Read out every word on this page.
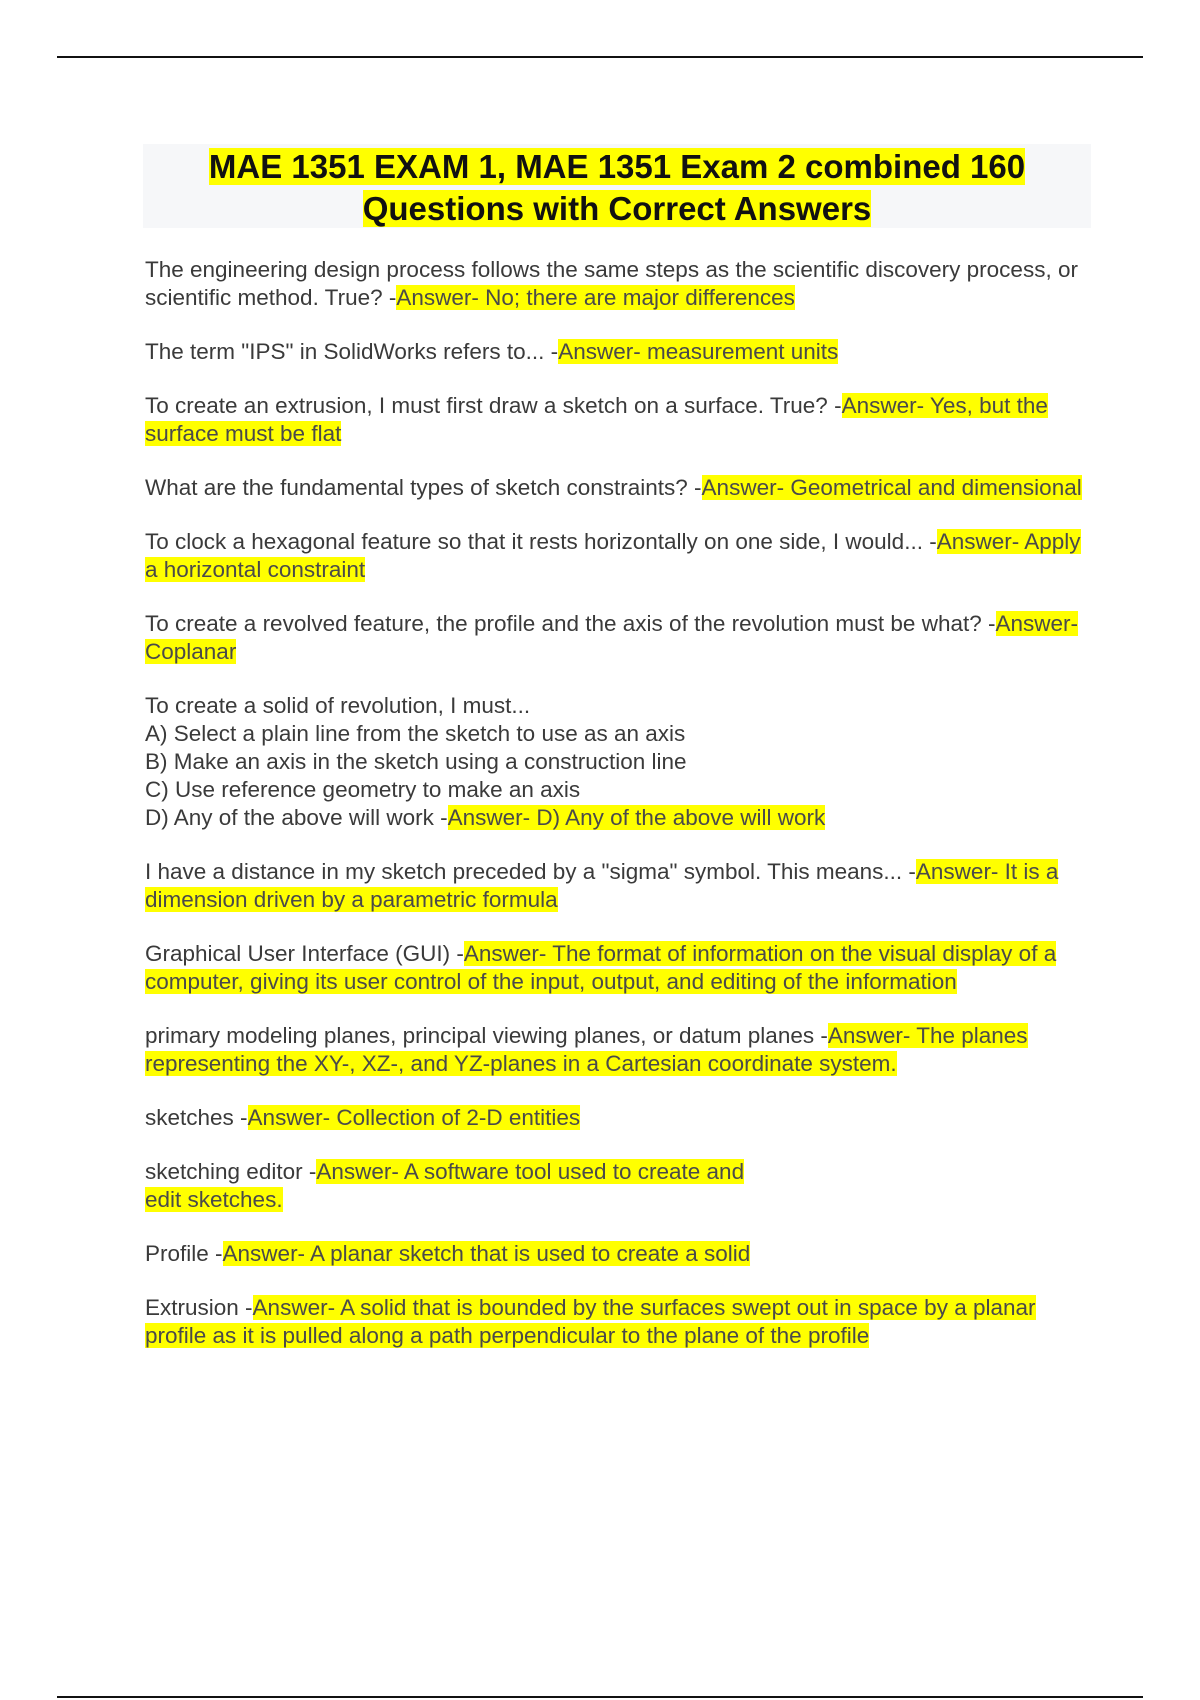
MAE 1351 EXAM 1, MAE 1351 Exam 2 combined 160
Questions with Correct Answers
The engineering design process follows the same steps as the scientific discovery process, or scientific method. True? -Answer- No; there are major differences
The term "IPS" in SolidWorks refers to... -Answer- measurement units
To create an extrusion, I must first draw a sketch on a surface. True? -Answer- Yes, but the surface must be flat
What are the fundamental types of sketch constraints? -Answer- Geometrical and dimensional
To clock a hexagonal feature so that it rests horizontally on one side, I would... -Answer- Apply a horizontal constraint
To create a revolved feature, the profile and the axis of the revolution must be what? -Answer- Coplanar
To create a solid of revolution, I must...
A) Select a plain line from the sketch to use as an axis
B) Make an axis in the sketch using a construction line
C) Use reference geometry to make an axis
D) Any of the above will work -Answer- D) Any of the above will work
I have a distance in my sketch preceded by a "sigma" symbol. This means... -Answer- It is a dimension driven by a parametric formula
Graphical User Interface (GUI) -Answer- The format of information on the visual display of a computer, giving its user control of the input, output, and editing of the information
primary modeling planes, principal viewing planes, or datum planes -Answer- The planes representing the XY-, XZ-, and YZ-planes in a Cartesian coordinate system.
sketches -Answer- Collection of 2-D entities
sketching editor -Answer- A software tool used to create and
edit sketches.
Profile -Answer- A planar sketch that is used to create a solid
Extrusion -Answer- A solid that is bounded by the surfaces swept out in space by a planar profile as it is pulled along a path perpendicular to the plane of the profile
